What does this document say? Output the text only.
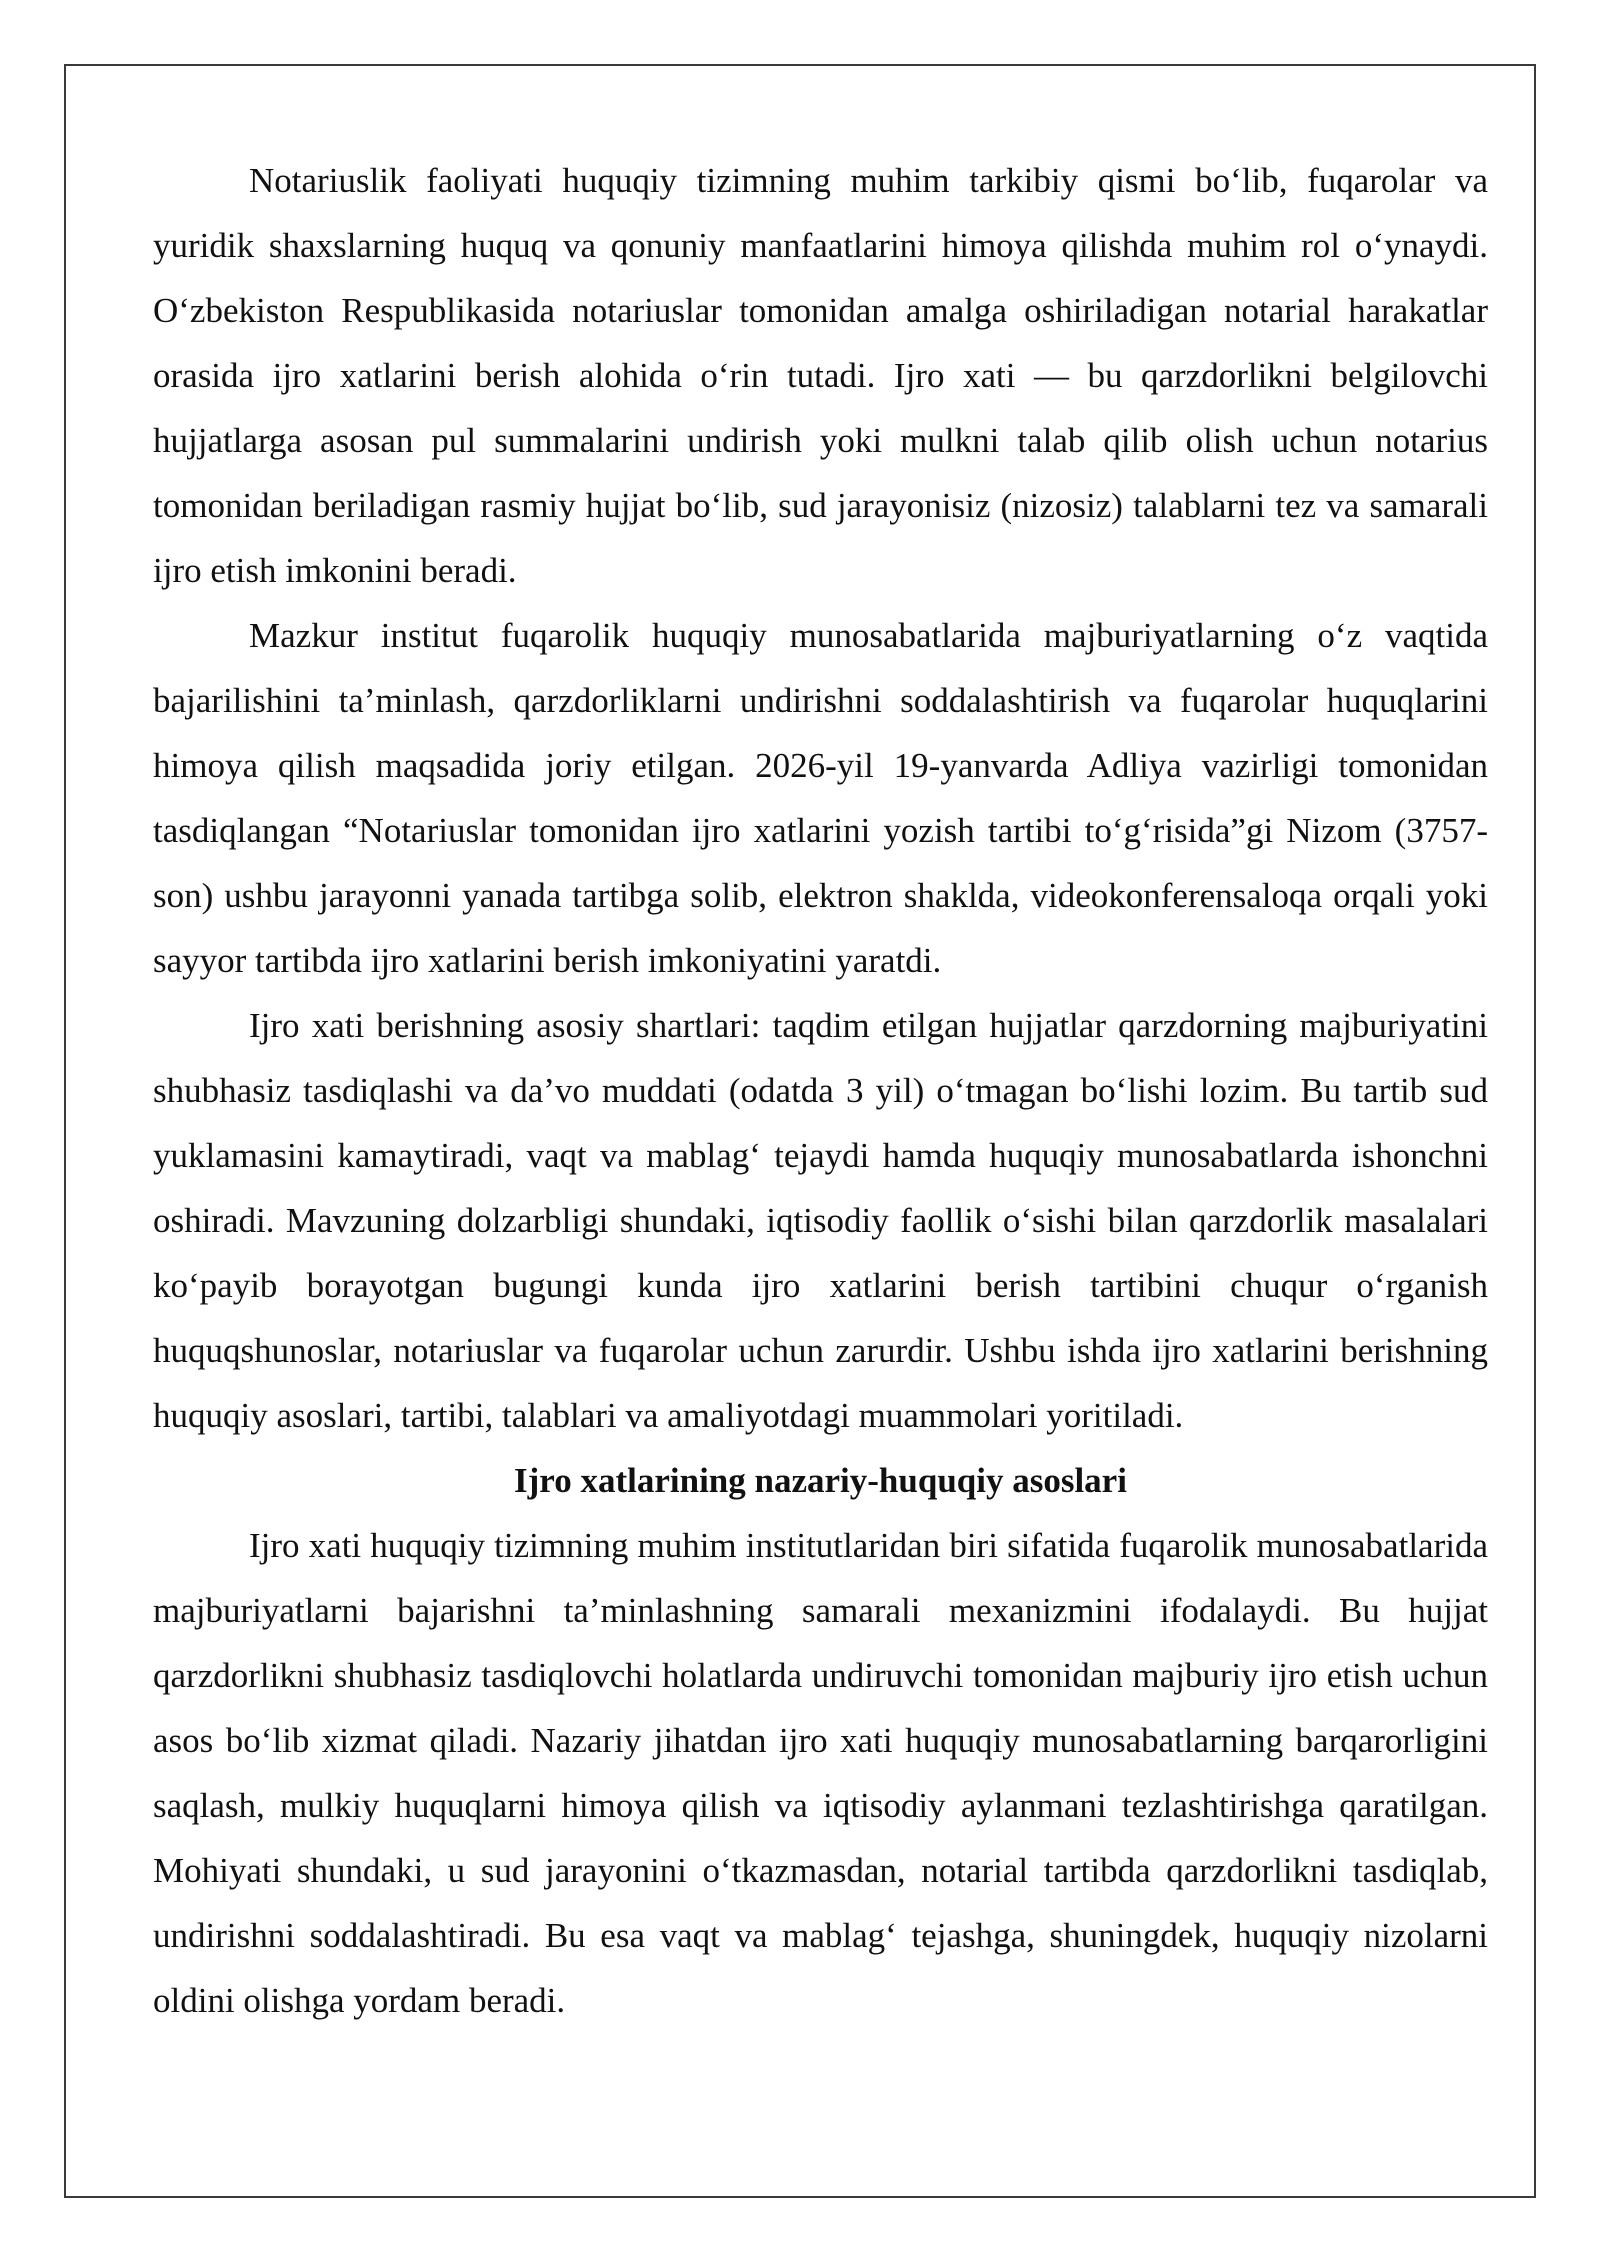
Notariuslik faoliyati huquqiy tizimning muhim tarkibiy qismi bo‘lib, fuqarolar va yuridik shaxslarning huquq va qonuniy manfaatlarini himoya qilishda muhim rol o‘ynaydi. O‘zbekiston Respublikasida notariuslar tomonidan amalga oshiriladigan notarial harakatlar orasida ijro xatlarini berish alohida o‘rin tutadi. Ijro xati — bu qarzdorlikni belgilovchi hujjatlarga asosan pul summalarini undirish yoki mulkni talab qilib olish uchun notarius tomonidan beriladigan rasmiy hujjat bo‘lib, sud jarayonisiz (nizosiz) talablarni tez va samarali ijro etish imkonini beradi.

Mazkur institut fuqarolik huquqiy munosabatlarida majburiyatlarning o‘z vaqtida bajarilishini ta’minlash, qarzdorliklarni undirishni soddalashtirish va fuqarolar huquqlarini himoya qilish maqsadida joriy etilgan. 2026-yil 19-yanvarda Adliya vazirligi tomonidan tasdiqlangan “Notariuslar tomonidan ijro xatlarini yozish tartibi to‘g‘risida”gi Nizom (3757-son) ushbu jarayonni yanada tartibga solib, elektron shaklda, videokonferensaloqa orqali yoki sayyor tartibda ijro xatlarini berish imkoniyatini yaratdi.

Ijro xati berishning asosiy shartlari: taqdim etilgan hujjatlar qarzdorning majburiyatini shubhasiz tasdiqlashi va da’vo muddati (odatda 3 yil) o‘tmagan bo‘lishi lozim. Bu tartib sud yuklamasini kamaytiradi, vaqt va mablag‘ tejaydi hamda huquqiy munosabatlarda ishonchni oshiradi. Mavzuning dolzarbligi shundaki, iqtisodiy faollik o‘sishi bilan qarzdorlik masalalari ko‘payib borayotgan bugungi kunda ijro xatlarini berish tartibini chuqur o‘rganish huquqshunoslar, notariuslar va fuqarolar uchun zarurdir. Ushbu ishda ijro xatlarini berishning huquqiy asoslari, tartibi, talablari va amaliyotdagi muammolari yoritiladi.

Ijro xatlarining nazariy-huquqiy asoslari

Ijro xati huquqiy tizimning muhim institutlaridan biri sifatida fuqarolik munosabatlarida majburiyatlarni bajarishni ta’minlashning samarali mexanizmini ifodalaydi. Bu hujjat qarzdorlikni shubhasiz tasdiqlovchi holatlarda undiruvchi tomonidan majburiy ijro etish uchun asos bo‘lib xizmat qiladi. Nazariy jihatdan ijro xati huquqiy munosabatlarning barqarorligini saqlash, mulkiy huquqlarni himoya qilish va iqtisodiy aylanmani tezlashtirishga qaratilgan. Mohiyati shundaki, u sud jarayonini o‘tkazmasdan, notarial tartibda qarzdorlikni tasdiqlab, undirishni soddalashtiradi. Bu esa vaqt va mablag‘ tejashga, shuningdek, huquqiy nizolarni oldini olishga yordam beradi.
